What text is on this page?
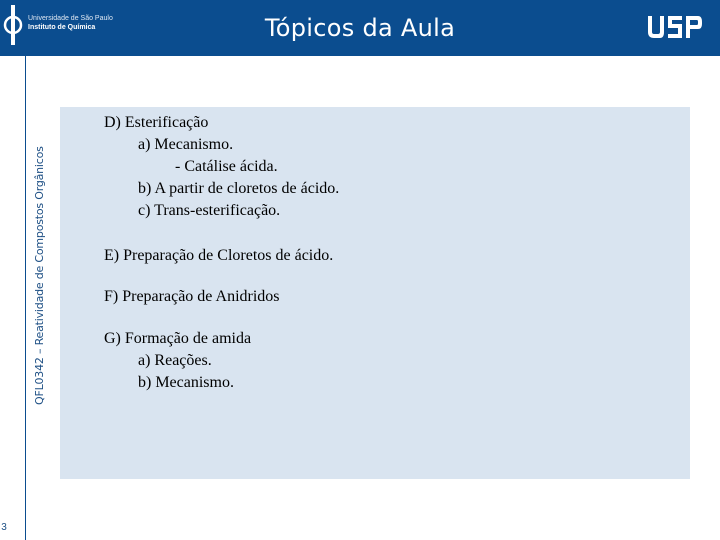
Universidade de São Paulo
Instituto de Química	Tópicos da Aula
QFL0342 – Reatividade de Compostos Orgânicos
3
D) Esterificação
a) Mecanismo.
- Catálise ácida.
b) A partir de cloretos de ácido.
c) Trans-esterificação.
E) Preparação de Cloretos de ácido.
F) Preparação de Anidridos
G) Formação de amida
a) Reações.
b) Mecanismo.
